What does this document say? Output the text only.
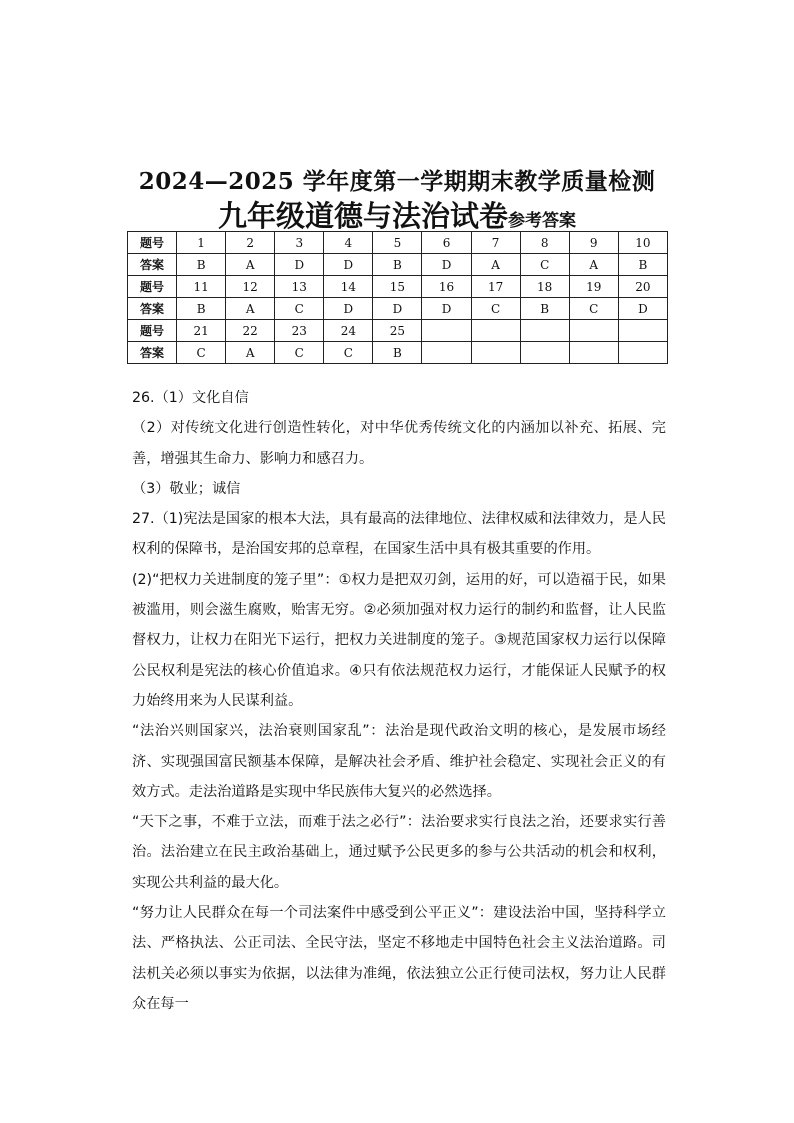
2024—2025 学年度第一学期期末教学质量检测
九年级道德与法治试卷参考答案
题号	1	2	3	4	5	6	7	8	9	10
答案	B	A	D	D	B	D	A	C	A	B
题号	11	12	13	14	15	16	17	18	19	20
答案	B	A	C	D	D	D	C	B	C	D
题号	21	22	23	24	25					
答案	C	A	C	C	B					

26.（1）文化自信

（2）对传统文化进行创造性转化，对中华优秀传统文化的内涵加以补充、拓展、完善，增强其生命力、影响力和感召力。

（3）敬业；诚信

27.（1)宪法是国家的根本大法，具有最高的法律地位、法律权威和法律效力，是人民权利的保障书，是治国安邦的总章程，在国家生活中具有极其重要的作用。

(2)“把权力关进制度的笼子里”：①权力是把双刃剑，运用的好，可以造福于民，如果被滥用，则会滋生腐败，贻害无穷。②必须加强对权力运行的制约和监督，让人民监督权力，让权力在阳光下运行，把权力关进制度的笼子。③规范国家权力运行以保障公民权利是宪法的核心价值追求。④只有依法规范权力运行，才能保证人民赋予的权力始终用来为人民谋利益。

“法治兴则国家兴，法治衰则国家乱”：法治是现代政治文明的核心，是发展市场经济、实现强国富民额基本保障，是解决社会矛盾、维护社会稳定、实现社会正义的有效方式。走法治道路是实现中华民族伟大复兴的必然选择。

“天下之事，不难于立法，而难于法之必行”：法治要求实行良法之治，还要求实行善治。法治建立在民主政治基础上，通过赋予公民更多的参与公共活动的机会和权利，实现公共利益的最大化。

“努力让人民群众在每一个司法案件中感受到公平正义”：建设法治中国，坚持科学立法、严格执法、公正司法、全民守法，坚定不移地走中国特色社会主义法治道路。司法机关必须以事实为依据，以法律为准绳，依法独立公正行使司法权，努力让人民群众在每一
